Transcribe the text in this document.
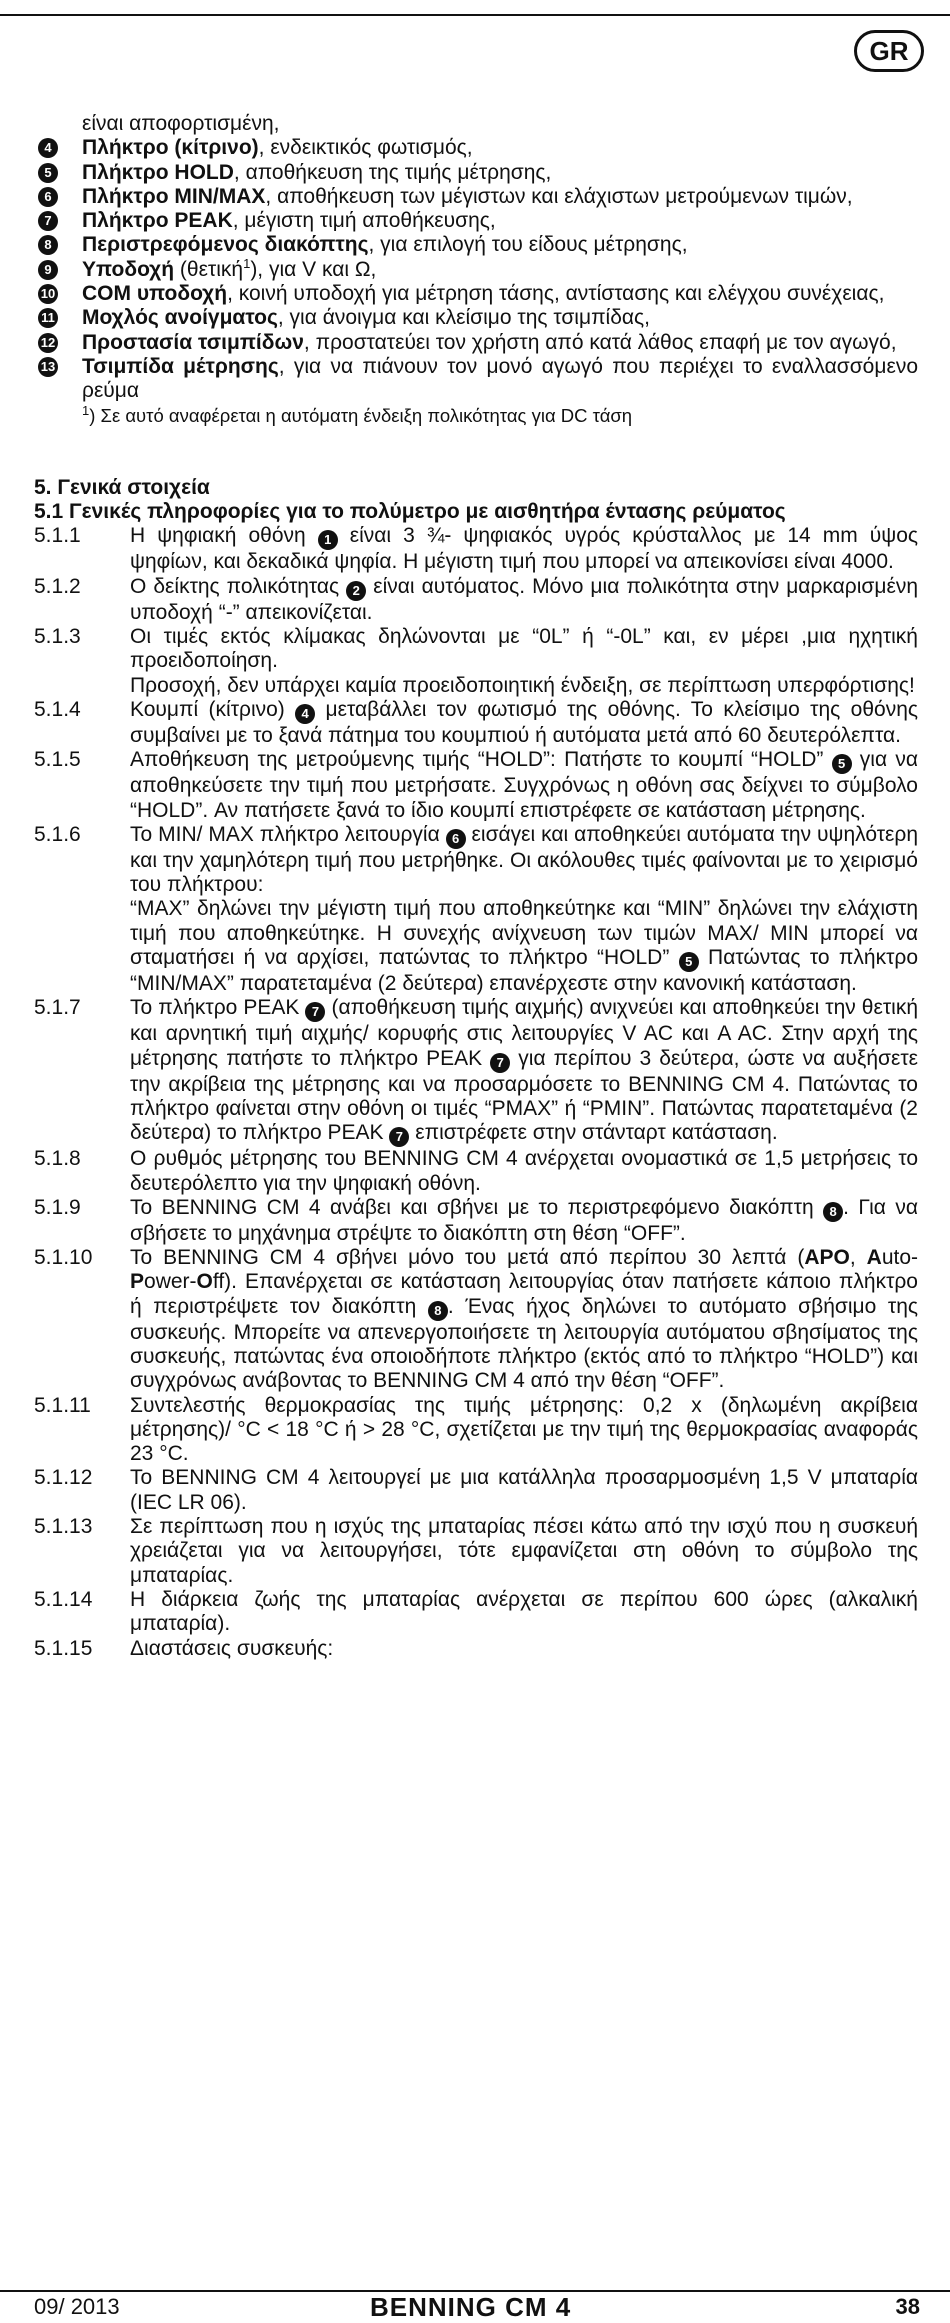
GR
είναι αποφορτισμένη,
4	Πλήκτρο (κίτρινο), ενδεικτικός φωτισμός,
5	Πλήκτρο HOLD, αποθήκευση της τιμής μέτρησης,
6	Πλήκτρο MIN/MAX, αποθήκευση των μέγιστων και ελάχιστων μετρούμενων τιμών,
7	Πλήκτρο PEAK, μέγιστη τιμή αποθήκευσης,
8	Περιστρεφόμενος διακόπτης, για επιλογή του είδους μέτρησης,
9	Υποδοχή (θετική$^1$), για V και Ω,
10 COM υποδοχή, κοινή υποδοχή για μέτρηση τάσης, αντίστασης και ελέγχου συνέχειας,
11 Μοχλός ανοίγματος, για άνοιγμα και κλείσιμο της τσιμπίδας,
12 Προστασία τσιμπίδων, προστατεύει τον χρήστη από κατά λάθος επαφή με τον αγωγό,
13 Τσιμπίδα μέτρησης, για να πιάνουν τον μονό αγωγό που περιέχει το εναλλασσόμενο ρεύμα
$^1$) Σε αυτό αναφέρεται η αυτόματη ένδειξη πολικότητας για DC τάση
5. Γενικά στοιχεία
5.1 Γενικές πληροφορίες για το πολύμετρο με αισθητήρα έντασης ρεύματος
5.1.1	Η ψηφιακή οθόνη 1 είναι 3 ¾- ψηφιακός υγρός κρύσταλλος με 14 mm ύψος ψηφίων, και δεκαδικά ψηφία. Η μέγιστη τιμή που μπορεί να απεικονίσει είναι 4000.
5.1.2	Ο δείκτης πολικότητας 2 είναι αυτόματος. Μόνο μια πολικότητα στην μαρκαρισμένη υποδοχή “-” απεικονίζεται.
5.1.3	Οι τιμές εκτός κλίμακας δηλώνονται με “0L” ή “-0L” και, εν μέρει ,μια ηχητική προειδοποίηση.
Προσοχή, δεν υπάρχει καμία προειδοποιητική ένδειξη, σε περίπτωση υπερφόρτισης!
5.1.4	Κουμπί (κίτρινο) 4 μεταβάλλει τον φωτισμό της οθόνης. Το κλείσιμο της οθόνης συμβαίνει με το ξανά πάτημα του κουμπιού ή αυτόματα μετά από 60 δευτερόλεπτα.
5.1.5	Αποθήκευση της μετρούμενης τιμής “HOLD”: Πατήστε το κουμπί “HOLD” 5 για να αποθηκεύσετε την τιμή που μετρήσατε. Συγχρόνως η οθόνη σας δείχνει το σύμβολο “HOLD”. Αν πατήσετε ξανά το ίδιο κουμπί επιστρέφετε σε κατάσταση μέτρησης.
5.1.6	Το MIN/ MAX πλήκτρο λειτουργία 6 εισάγει και αποθηκεύει αυτόματα την υψηλότερη και την χαμηλότερη τιμή που μετρήθηκε. Οι ακόλουθες τιμές φαίνονται με το χειρισμό του πλήκτρου:
“MAX” δηλώνει την μέγιστη τιμή που αποθηκεύτηκε και “MIN” δηλώνει την ελάχιστη τιμή που αποθηκεύτηκε. Η συνεχής ανίχνευση των τιμών MAX/ MIN μπορεί να σταματήσει ή να αρχίσει, πατώντας το πλήκτρο “HOLD” 5 Πατώντας το πλήκτρο “MIN/MAX” παρατεταμένα (2 δεύτερα) επανέρχεστε στην κανονική κατάσταση.
5.1.7	Το πλήκτρο PEAK 7 (αποθήκευση τιμής αιχμής) ανιχνεύει και αποθηκεύει την θετική και αρνητική τιμή αιχμής/ κορυφής στις λειτουργίες V AC και A AC. Στην αρχή της μέτρησης πατήστε το πλήκτρο PEAK 7 για περίπου 3 δεύτερα, ώστε να αυξήσετε την ακρίβεια της μέτρησης και να προσαρμόσετε το BENNING CM 4. Πατώντας το πλήκτρο φαίνεται στην οθόνη οι τιμές “PMAX” ή “PMIN”. Πατώντας παρατεταμένα (2 δεύτερα) το πλήκτρο PEAK 7 επιστρέφετε στην στάνταρτ κατάσταση.
5.1.8	Ο ρυθμός μέτρησης του BENNING CM 4 ανέρχεται ονομαστικά σε 1,5 μετρήσεις το δευτερόλεπτο για την ψηφιακή οθόνη.
5.1.9	Το BENNING CM 4 ανάβει και σβήνει με το περιστρεφόμενο διακόπτη 8 . Για να σβήσετε το μηχάνημα στρέψτε το διακόπτη στη θέση “OFF”.
5.1.10	Το BENNING CM 4 σβήνει μόνο του μετά από περίπου 30 λεπτά (APO, Auto-Power-Off). Επανέρχεται σε κατάσταση λειτουργίας όταν πατήσετε κάποιο πλήκτρο ή περιστρέψετε τον διακόπτη 8 . Ένας ήχος δηλώνει το αυτόματο σβήσιμο της συσκευής. Μπορείτε να απενεργοποιήσετε τη λειτουργία αυτόματου σβησίματος της συσκευής, πατώντας ένα οποιοδήποτε πλήκτρο (εκτός από το πλήκτρο “HOLD”) και συγχρόνως ανάβοντας το BENNING CM 4 από την θέση “OFF”.
5.1.11	Συντελεστής θερμοκρασίας της τιμής μέτρησης: 0,2 x (δηλωμένη ακρίβεια μέτρησης)/ °C < 18 °C ή > 28 °C, σχετίζεται με την τιμή της θερμοκρασίας αναφοράς 23 °C.
5.1.12	Το BENNING CM 4 λειτουργεί με μια κατάλληλα προσαρμοσμένη 1,5 V μπαταρία (IEC LR 06).
5.1.13	Σε περίπτωση που η ισχύς της μπαταρίας πέσει κάτω από την ισχύ που η συσκευή χρειάζεται για να λειτουργήσει, τότε εμφανίζεται στη οθόνη το σύμβολο της μπαταρίας.
5.1.14	Η διάρκεια ζωής της μπαταρίας ανέρχεται σε περίπου 600 ώρες (αλκαλική μπαταρία).
5.1.15	Διαστάσεις συσκευής:
09/ 2013	BENNING CM 4	38
